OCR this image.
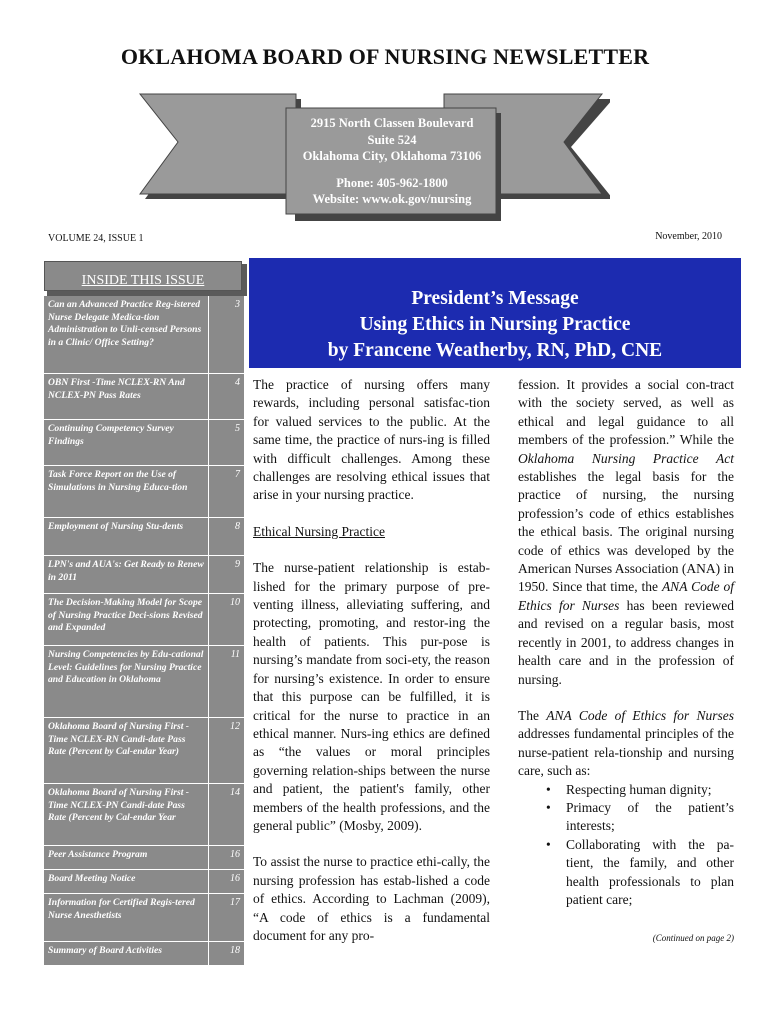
OKLAHOMA BOARD OF NURSING NEWSLETTER
2915 North Classen Boulevard
Suite 524
Oklahoma City, Oklahoma 73106
Phone: 405-962-1800
Website: www.ok.gov/nursing
VOLUME 24, ISSUE 1	November, 2010
INSIDE THIS ISSUE
Can an Advanced Practice Reg-istered Nurse Delegate Medica-tion Administration to Unli-censed Persons in a Clinic/ Office Setting?
3
OBN First -Time NCLEX-RN And NCLEX-PN Pass Rates
4
Continuing Competency Survey Findings
5
Task Force Report on the Use of Simulations in Nursing Educa-tion
7
Employment of Nursing Stu-dents	8
LPN's and AUA's: Get Ready to Renew in 2011
9
The Decision-Making Model for Scope of Nursing Practice Deci-sions Revised and Expanded
10
Nursing Competencies by Edu-cational Level: Guidelines for Nursing Practice and Education in Oklahoma
11
Oklahoma Board of Nursing First -Time NCLEX-RN Candi-date Pass Rate (Percent by Cal-endar Year)
12
Oklahoma Board of Nursing First -Time NCLEX-PN Candi-date Pass Rate (Percent by Cal-endar Year
14
Peer Assistance Program	16
Board Meeting Notice	16
Information for Certified Regis-tered Nurse Anesthetists
17
Summary of Board Activities	18
President’s Message
Using Ethics in Nursing Practice
by Francene Weatherby, RN, PhD, CNE

The practice of nursing offers many rewards, including personal satisfac-tion for valued services to the public. At the same time, the practice of nurs-ing is filled with difficult challenges. Among these challenges are resolving ethical issues that arise in your nursing practice.

Ethical Nursing Practice

The nurse-patient relationship is estab-lished for the primary purpose of pre-venting illness, alleviating suffering, and protecting, promoting, and restor-ing the health of patients. This pur-pose is nursing’s mandate from soci-ety, the reason for nursing’s existence. In order to ensure that this purpose can be fulfilled, it is critical for the nurse to practice in an ethical manner. Nurs-ing ethics are defined as “the values or moral principles governing relation-ships between the nurse and patient, the patient's family, other members of the health professions, and the general public” (Mosby, 2009).

To assist the nurse to practice ethi-cally, the nursing profession has estab-lished a code of ethics. According to Lachman (2009), “A code of ethics is a fundamental document for any pro-

fession. It provides a social con-tract with the society served, as well as ethical and legal guidance to all members of the profession.” While the Oklahoma Nursing Practice Act establishes the legal basis for the practice of nursing, the nursing profession’s code of ethics establishes the ethical basis. The original nursing code of ethics was developed by the American Nurses Association (ANA) in 1950. Since that time, the ANA Code of Ethics for Nurses has been reviewed and revised on a regular basis, most recently in 2001, to address changes in health care and in the profession of nursing.

The ANA Code of Ethics for Nurses addresses fundamental principles of the nurse-patient rela-tionship and nursing care, such as:

• Respecting human dignity;
• Primacy of the patient’s interests;
• Collaborating with the pa-tient, the family, and other health professionals to plan patient care;
(Continued on page 2)
